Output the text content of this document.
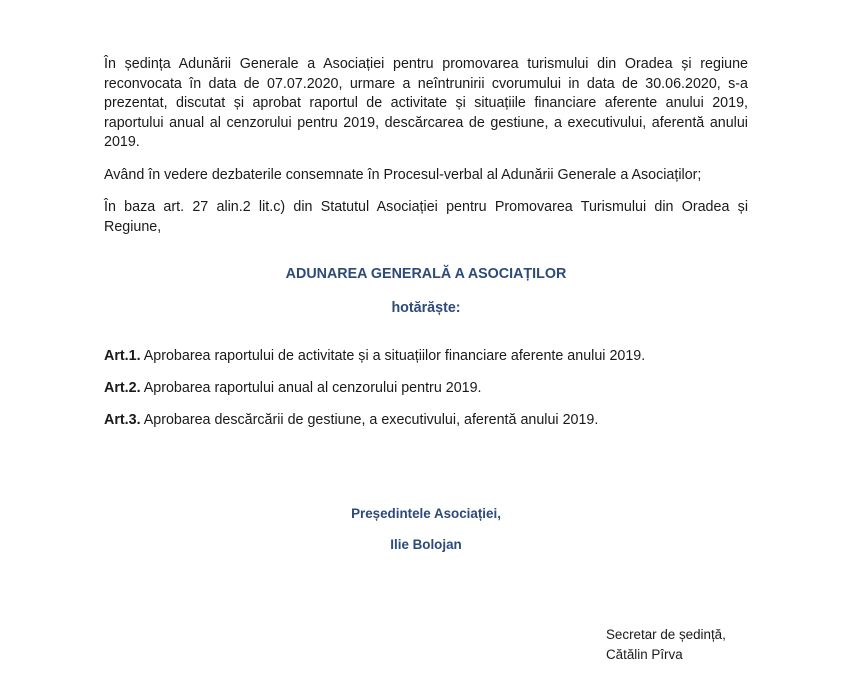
În ședința Adunării Generale a Asociației pentru promovarea turismului din Oradea și regiune reconvocata în data de 07.07.2020, urmare a neîntrunirii cvorumului in data de 30.06.2020, s-a prezentat, discutat și aprobat raportul de activitate și situațiile financiare aferente anului 2019, raportului anual al cenzorului pentru 2019, descărcarea de gestiune, a executivului, aferentă anului 2019.

Având în vedere dezbaterile consemnate în Procesul-verbal al Adunării Generale a Asociaților;

În baza art. 27 alin.2 lit.c) din Statutul Asociației pentru Promovarea Turismului din Oradea și Regiune,

ADUNAREA GENERALĂ A ASOCIAȚILOR

hotărăște:

Art.1. Aprobarea raportului de activitate și a situațiilor financiare aferente anului 2019.

Art.2. Aprobarea raportului anual al cenzorului pentru 2019.

Art.3. Aprobarea descărcării de gestiune, a executivului, aferentă anului 2019.

Președintele Asociației,

Ilie Bolojan

Secretar de ședință,

Cătălin Pîrva
